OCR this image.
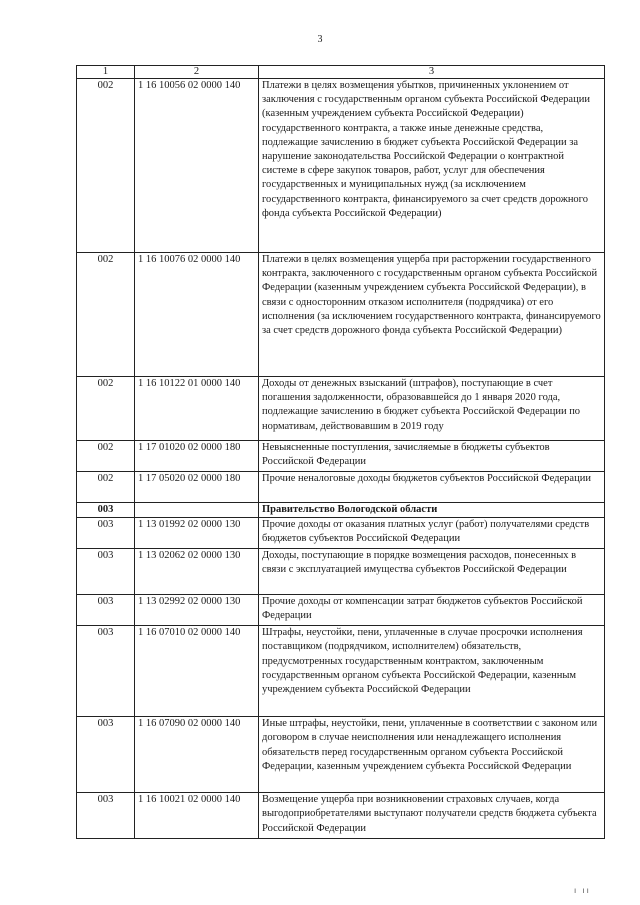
3
1	2	3
002	1 16 10056 02 0000 140	Платежи в целях возмещения убытков, причиненных уклонением от заключения с государственным органом субъекта Российской Федерации (казенным учреждением субъекта Российской Федерации) государственного контракта, а также иные денежные средства, подлежащие зачислению в бюджет субъекта Российской Федерации за нарушение законодательства Российской Федерации о контрактной системе в сфере закупок товаров, работ, услуг для обеспечения государственных и муниципальных нужд (за исключением государственного контракта, финансируемого за счет средств дорожного фонда субъекта Российской Федерации)
002	1 16 10076 02 0000 140	Платежи в целях возмещения ущерба при расторжении государственного контракта, заключенного с государственным органом субъекта Российской Федерации (казенным учреждением субъекта Российской Федерации), в связи с односторонним отказом исполнителя (подрядчика) от его исполнения (за исключением государственного контракта, финансируемого за счет средств дорожного фонда субъекта Российской Федерации)
002	1 16 10122 01 0000 140	Доходы от денежных взысканий (штрафов), поступающие в счет погашения задолженности, образовавшейся до 1 января 2020 года, подлежащие зачислению в бюджет субъекта Российской Федерации по нормативам, действовавшим в 2019 году
002	1 17 01020 02 0000 180	Невыясненные поступления, зачисляемые в бюджеты субъектов Российской Федерации
002	1 17 05020 02 0000 180	Прочие неналоговые доходы бюджетов субъектов Российской Федерации
003		Правительство Вологодской области
003	1 13 01992 02 0000 130	Прочие доходы от оказания платных услуг (работ) получателями средств бюджетов субъектов Российской Федерации
003	1 13 02062 02 0000 130	Доходы, поступающие в порядке возмещения расходов, понесенных в связи с эксплуатацией имущества субъектов Российской Федерации
003	1 13 02992 02 0000 130	Прочие доходы от компенсации затрат бюджетов субъектов Российской Федерации
003	1 16 07010 02 0000 140	Штрафы, неустойки, пени, уплаченные в случае просрочки исполнения поставщиком (подрядчиком, исполнителем) обязательств, предусмотренных государственным контрактом, заключенным государственным органом субъекта Российской Федерации, казенным учреждением субъекта Российской Федерации
003	1 16 07090 02 0000 140	Иные штрафы, неустойки, пени, уплаченные в соответствии с законом или договором в случае неисполнения или ненадлежащего исполнения обязательств перед государственным органом субъекта Российской Федерации, казенным учреждением субъекта Российской Федерации
003	1 16 10021 02 0000 140	Возмещение ущерба при возникновении страховых случаев, когда выгодоприобретателями выступают получатели средств бюджета субъекта Российской Федерации
ı ıı
